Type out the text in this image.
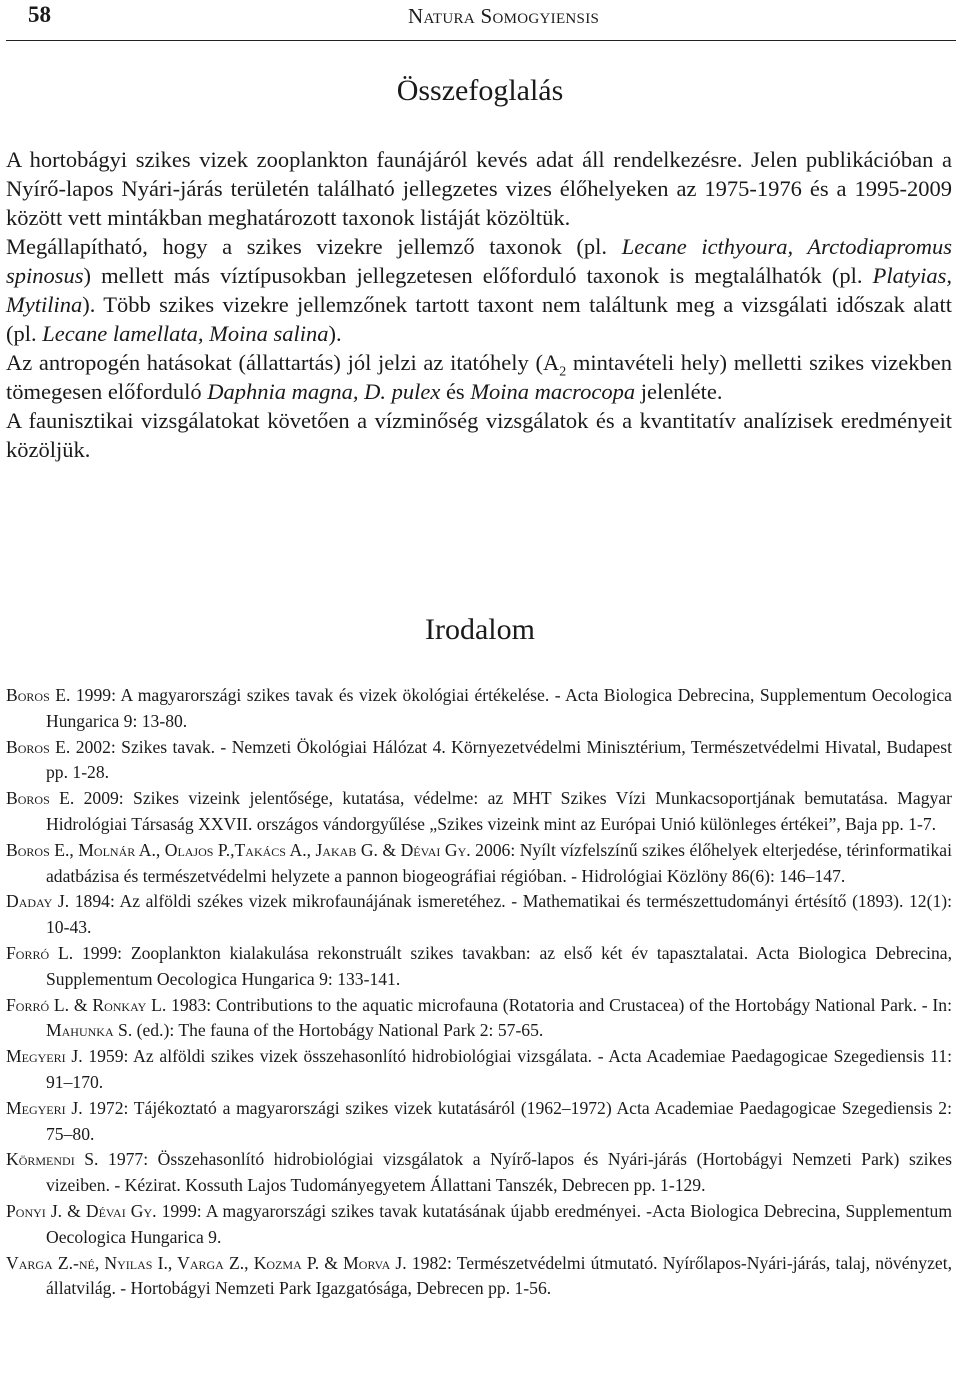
58	Natura Somogyiensis
Összefoglalás

A hortobágyi szikes vizek zooplankton faunájáról kevés adat áll rendelkezésre. Jelen publikációban a Nyírő-lapos Nyári-járás területén található jellegzetes vizes élőhelyeken az 1975-1976 és a 1995-2009 között vett mintákban meghatározott taxonok listáját közöltük.

Megállapítható, hogy a szikes vizekre jellemző taxonok (pl. Lecane icthyoura, Arctodiapromus spinosus) mellett más víztípusokban jellegzetesen előforduló taxonok is megtalálhatók (pl. Platyias, Mytilina). Több szikes vizekre jellemzőnek tartott taxont nem találtunk meg a vizsgálati időszak alatt (pl. Lecane lamellata, Moina salina).

Az antropogén hatásokat (állattartás) jól jelzi az itatóhely ($A_2$ mintavételi hely) melletti szikes vizekben tömegesen előforduló Daphnia magna, D. pulex és Moina macrocopa jelenléte.

A faunisztikai vizsgálatokat követően a vízminőség vizsgálatok és a kvantitatív analízisek eredményeit közöljük.

Irodalom

Boros E. 1999: A magyarországi szikes tavak és vizek ökológiai értékelése. - Acta Biologica Debrecina, Supplementum Oecologica Hungarica 9: 13-80.

Boros E. 2002: Szikes tavak. - Nemzeti Ökológiai Hálózat 4. Környezetvédelmi Minisztérium, Természetvédelmi Hivatal, Budapest pp. 1-28.

Boros E. 2009: Szikes vizeink jelentősége, kutatása, védelme: az MHT Szikes Vízi Munkacsoportjának bemutatása. Magyar Hidrológiai Társaság XXVII. országos vándorgyűlése „Szikes vizeink mint az Európai Unió különleges értékei”, Baja pp. 1-7.

Boros E., Molnár A., Olajos P.,Takács A., Jakab G. & Dévai Gy. 2006: Nyílt vízfelszínű szikes élőhelyek elterjedése, térinformatikai adatbázisa és természetvédelmi helyzete a pannon biogeográfiai régióban. - Hidrológiai Közlöny 86(6): 146–147.

Daday J. 1894: Az alföldi székes vizek mikrofaunájának ismeretéhez. - Mathematikai és természettudományi értésítő (1893). 12(1): 10-43.

Forró L. 1999: Zooplankton kialakulása rekonstruált szikes tavakban: az első két év tapasztalatai. Acta Biologica Debrecina, Supplementum Oecologica Hungarica 9: 133-141.

Forró L. & Ronkay L. 1983: Contributions to the aquatic microfauna (Rotatoria and Crustacea) of the Hortobágy National Park. - In: Mahunka S. (ed.): The fauna of the Hortobágy National Park 2: 57-65.

Megyeri J. 1959: Az alföldi szikes vizek összehasonlító hidrobiológiai vizsgálata. - Acta Academiae Paedagogicae Szegediensis 11: 91–170.

Megyeri J. 1972: Tájékoztató a magyarországi szikes vizek kutatásáról (1962–1972) Acta Academiae Paedagogicae Szegediensis 2: 75–80.

Körmendi S. 1977: Összehasonlító hidrobiológiai vizsgálatok a Nyírő-lapos és Nyári-járás (Hortobágyi Nemzeti Park) szikes vizeiben. - Kézirat. Kossuth Lajos Tudományegyetem Állattani Tanszék, Debrecen pp. 1-129.

Ponyi J. & Dévai Gy. 1999: A magyarországi szikes tavak kutatásának újabb eredményei. -Acta Biologica Debrecina, Supplementum Oecologica Hungarica 9.

Varga Z.-né, Nyilas I., Varga Z., Kozma P. & Morva J. 1982: Természetvédelmi útmutató. Nyírőlapos-Nyári-járás, talaj, növényzet, állatvilág. - Hortobágyi Nemzeti Park Igazgatósága, Debrecen pp. 1-56.
